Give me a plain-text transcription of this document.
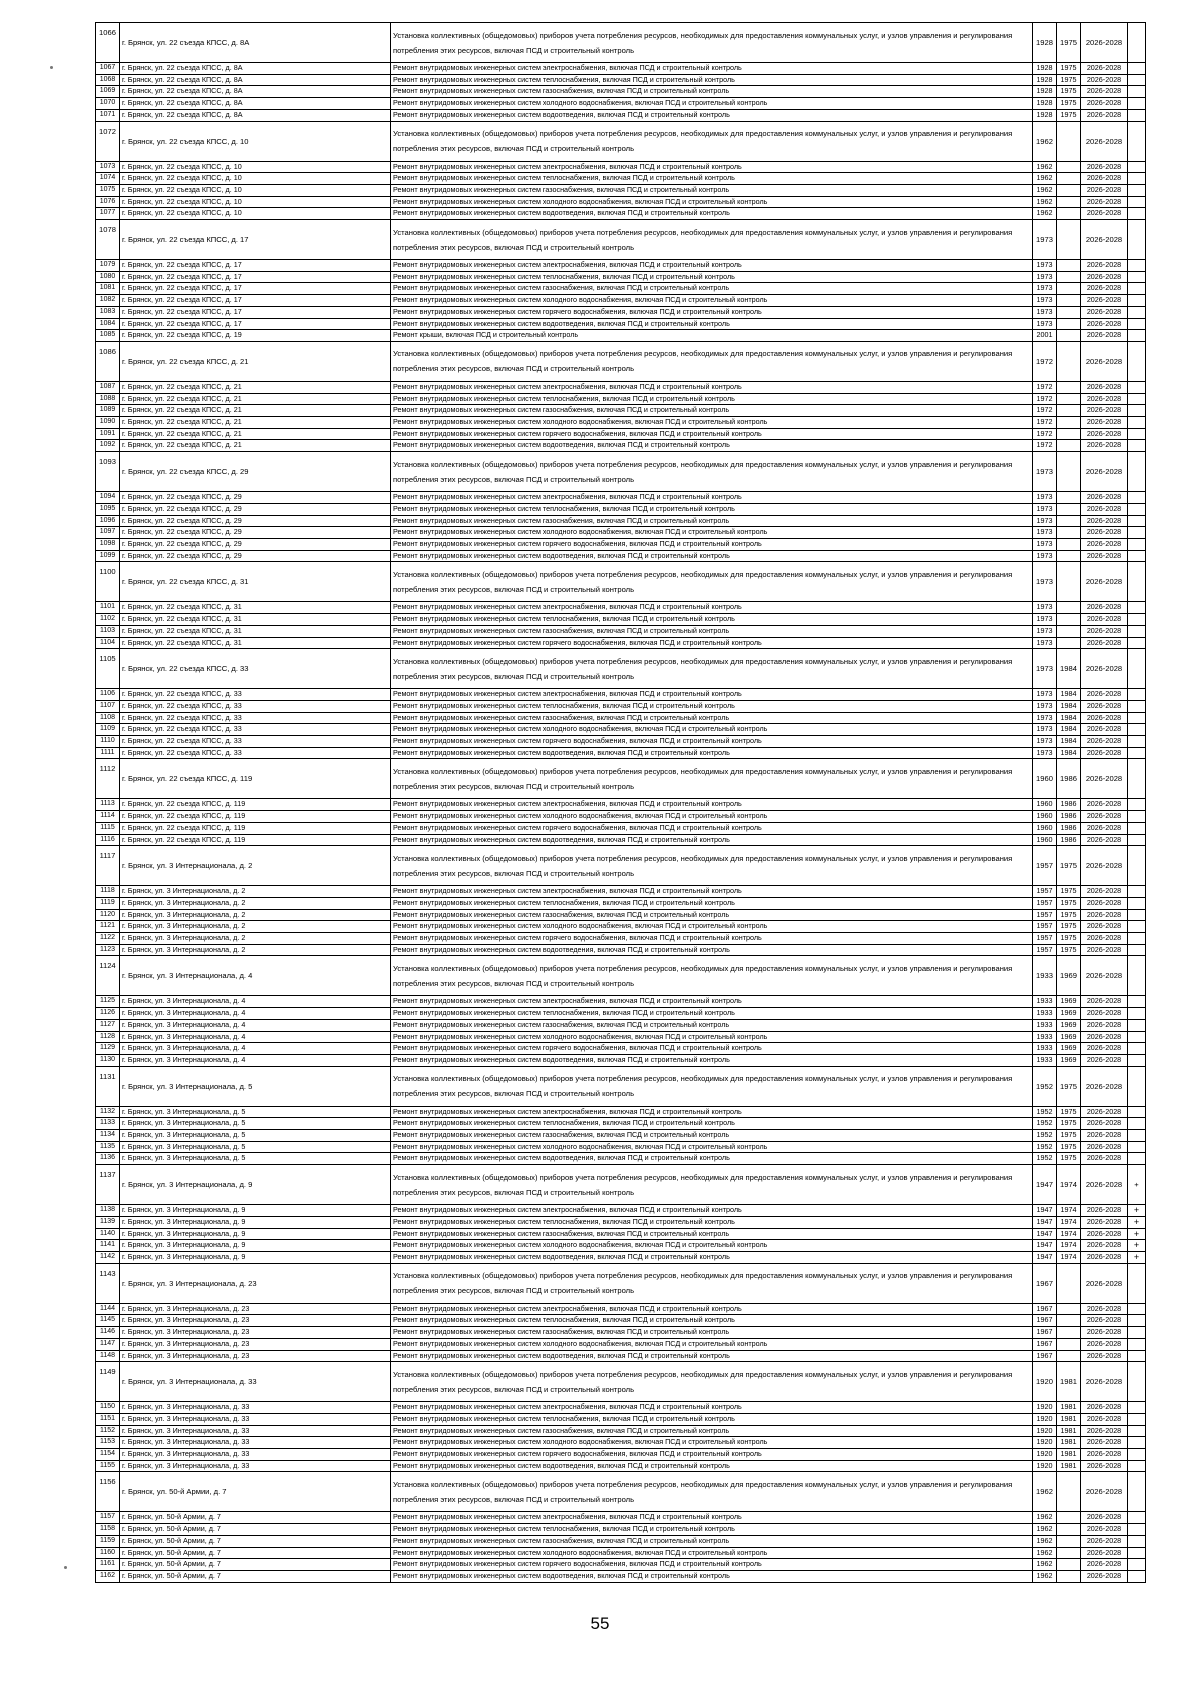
1066	г. Брянск, ул. 22 съезда КПСС, д. 8А	Установка коллективных (общедомовых) приборов учета потребления ресурсов, необходимых для предоставления коммунальных услуг, и узлов управления и регулирования потребления этих ресурсов, включая ПСД и строительный контроль	1928	1975	2026-2028	
1067	г. Брянск, ул. 22 съезда КПСС, д. 8А	Ремонт внутридомовых инженерных систем электроснабжения, включая ПСД и строительный контроль	1928	1975	2026-2028	
1068	г. Брянск, ул. 22 съезда КПСС, д. 8А	Ремонт внутридомовых инженерных систем теплоснабжения, включая ПСД и строительный контроль	1928	1975	2026-2028	
1069	г. Брянск, ул. 22 съезда КПСС, д. 8А	Ремонт внутридомовых инженерных систем газоснабжения, включая ПСД и строительный контроль	1928	1975	2026-2028	
1070	г. Брянск, ул. 22 съезда КПСС, д. 8А	Ремонт внутридомовых инженерных систем холодного водоснабжения, включая ПСД и строительный контроль	1928	1975	2026-2028	
1071	г. Брянск, ул. 22 съезда КПСС, д. 8А	Ремонт внутридомовых инженерных систем водоотведения, включая ПСД и строительный контроль	1928	1975	2026-2028	
1072	г. Брянск, ул. 22 съезда КПСС, д. 10	Установка коллективных (общедомовых) приборов учета потребления ресурсов, необходимых для предоставления коммунальных услуг, и узлов управления и регулирования потребления этих ресурсов, включая ПСД и строительный контроль	1962		2026-2028	
1073	г. Брянск, ул. 22 съезда КПСС, д. 10	Ремонт внутридомовых инженерных систем электроснабжения, включая ПСД и строительный контроль	1962		2026-2028	
1074	г. Брянск, ул. 22 съезда КПСС, д. 10	Ремонт внутридомовых инженерных систем теплоснабжения, включая ПСД и строительный контроль	1962		2026-2028	
1075	г. Брянск, ул. 22 съезда КПСС, д. 10	Ремонт внутридомовых инженерных систем газоснабжения, включая ПСД и строительный контроль	1962		2026-2028	
1076	г. Брянск, ул. 22 съезда КПСС, д. 10	Ремонт внутридомовых инженерных систем холодного водоснабжения, включая ПСД и строительный контроль	1962		2026-2028	
1077	г. Брянск, ул. 22 съезда КПСС, д. 10	Ремонт внутридомовых инженерных систем водоотведения, включая ПСД и строительный контроль	1962		2026-2028	
1078	г. Брянск, ул. 22 съезда КПСС, д. 17	Установка коллективных (общедомовых) приборов учета потребления ресурсов, необходимых для предоставления коммунальных услуг, и узлов управления и регулирования потребления этих ресурсов, включая ПСД и строительный контроль	1973		2026-2028	
1079	г. Брянск, ул. 22 съезда КПСС, д. 17	Ремонт внутридомовых инженерных систем электроснабжения, включая ПСД и строительный контроль	1973		2026-2028	
1080	г. Брянск, ул. 22 съезда КПСС, д. 17	Ремонт внутридомовых инженерных систем теплоснабжения, включая ПСД и строительный контроль	1973		2026-2028	
1081	г. Брянск, ул. 22 съезда КПСС, д. 17	Ремонт внутридомовых инженерных систем газоснабжения, включая ПСД и строительный контроль	1973		2026-2028	
1082	г. Брянск, ул. 22 съезда КПСС, д. 17	Ремонт внутридомовых инженерных систем холодного водоснабжения, включая ПСД и строительный контроль	1973		2026-2028	
1083	г. Брянск, ул. 22 съезда КПСС, д. 17	Ремонт внутридомовых инженерных систем горячего водоснабжения, включая ПСД и строительный контроль	1973		2026-2028	
1084	г. Брянск, ул. 22 съезда КПСС, д. 17	Ремонт внутридомовых инженерных систем водоотведения, включая ПСД и строительный контроль	1973		2026-2028	
1085	г. Брянск, ул. 22 съезда КПСС, д. 19	Ремонт крыши, включая ПСД и строительный контроль	2001		2026-2028	
1086	г. Брянск, ул. 22 съезда КПСС, д. 21	Установка коллективных (общедомовых) приборов учета потребления ресурсов, необходимых для предоставления коммунальных услуг, и узлов управления и регулирования потребления этих ресурсов, включая ПСД и строительный контроль	1972		2026-2028	
1087	г. Брянск, ул. 22 съезда КПСС, д. 21	Ремонт внутридомовых инженерных систем электроснабжения, включая ПСД и строительный контроль	1972		2026-2028	
1088	г. Брянск, ул. 22 съезда КПСС, д. 21	Ремонт внутридомовых инженерных систем теплоснабжения, включая ПСД и строительный контроль	1972		2026-2028	
1089	г. Брянск, ул. 22 съезда КПСС, д. 21	Ремонт внутридомовых инженерных систем газоснабжения, включая ПСД и строительный контроль	1972		2026-2028	
1090	г. Брянск, ул. 22 съезда КПСС, д. 21	Ремонт внутридомовых инженерных систем холодного водоснабжения, включая ПСД и строительный контроль	1972		2026-2028	
1091	г. Брянск, ул. 22 съезда КПСС, д. 21	Ремонт внутридомовых инженерных систем горячего водоснабжения, включая ПСД и строительный контроль	1972		2026-2028	
1092	г. Брянск, ул. 22 съезда КПСС, д. 21	Ремонт внутридомовых инженерных систем водоотведения, включая ПСД и строительный контроль	1972		2026-2028	
1093	г. Брянск, ул. 22 съезда КПСС, д. 29	Установка коллективных (общедомовых) приборов учета потребления ресурсов, необходимых для предоставления коммунальных услуг, и узлов управления и регулирования потребления этих ресурсов, включая ПСД и строительный контроль	1973		2026-2028	
1094	г. Брянск, ул. 22 съезда КПСС, д. 29	Ремонт внутридомовых инженерных систем электроснабжения, включая ПСД и строительный контроль	1973		2026-2028	
1095	г. Брянск, ул. 22 съезда КПСС, д. 29	Ремонт внутридомовых инженерных систем теплоснабжения, включая ПСД и строительный контроль	1973		2026-2028	
1096	г. Брянск, ул. 22 съезда КПСС, д. 29	Ремонт внутридомовых инженерных систем газоснабжения, включая ПСД и строительный контроль	1973		2026-2028	
1097	г. Брянск, ул. 22 съезда КПСС, д. 29	Ремонт внутридомовых инженерных систем холодного водоснабжения, включая ПСД и строительный контроль	1973		2026-2028	
1098	г. Брянск, ул. 22 съезда КПСС, д. 29	Ремонт внутридомовых инженерных систем горячего водоснабжения, включая ПСД и строительный контроль	1973		2026-2028	
1099	г. Брянск, ул. 22 съезда КПСС, д. 29	Ремонт внутридомовых инженерных систем водоотведения, включая ПСД и строительный контроль	1973		2026-2028	
1100	г. Брянск, ул. 22 съезда КПСС, д. 31	Установка коллективных (общедомовых) приборов учета потребления ресурсов, необходимых для предоставления коммунальных услуг, и узлов управления и регулирования потребления этих ресурсов, включая ПСД и строительный контроль	1973		2026-2028	
1101	г. Брянск, ул. 22 съезда КПСС, д. 31	Ремонт внутридомовых инженерных систем электроснабжения, включая ПСД и строительный контроль	1973		2026-2028	
1102	г. Брянск, ул. 22 съезда КПСС, д. 31	Ремонт внутридомовых инженерных систем теплоснабжения, включая ПСД и строительный контроль	1973		2026-2028	
1103	г. Брянск, ул. 22 съезда КПСС, д. 31	Ремонт внутридомовых инженерных систем газоснабжения, включая ПСД и строительный контроль	1973		2026-2028	
1104	г. Брянск, ул. 22 съезда КПСС, д. 31	Ремонт внутридомовых инженерных систем горячего водоснабжения, включая ПСД и строительный контроль	1973		2026-2028	
1105	г. Брянск, ул. 22 съезда КПСС, д. 33	Установка коллективных (общедомовых) приборов учета потребления ресурсов, необходимых для предоставления коммунальных услуг, и узлов управления и регулирования потребления этих ресурсов, включая ПСД и строительный контроль	1973	1984	2026-2028	
1106	г. Брянск, ул. 22 съезда КПСС, д. 33	Ремонт внутридомовых инженерных систем электроснабжения, включая ПСД и строительный контроль	1973	1984	2026-2028	
1107	г. Брянск, ул. 22 съезда КПСС, д. 33	Ремонт внутридомовых инженерных систем теплоснабжения, включая ПСД и строительный контроль	1973	1984	2026-2028	
1108	г. Брянск, ул. 22 съезда КПСС, д. 33	Ремонт внутридомовых инженерных систем газоснабжения, включая ПСД и строительный контроль	1973	1984	2026-2028	
1109	г. Брянск, ул. 22 съезда КПСС, д. 33	Ремонт внутридомовых инженерных систем холодного водоснабжения, включая ПСД и строительный контроль	1973	1984	2026-2028	
1110	г. Брянск, ул. 22 съезда КПСС, д. 33	Ремонт внутридомовых инженерных систем горячего водоснабжения, включая ПСД и строительный контроль	1973	1984	2026-2028	
1111	г. Брянск, ул. 22 съезда КПСС, д. 33	Ремонт внутридомовых инженерных систем водоотведения, включая ПСД и строительный контроль	1973	1984	2026-2028	
1112	г. Брянск, ул. 22 съезда КПСС, д. 119	Установка коллективных (общедомовых) приборов учета потребления ресурсов, необходимых для предоставления коммунальных услуг, и узлов управления и регулирования потребления этих ресурсов, включая ПСД и строительный контроль	1960	1986	2026-2028	
1113	г. Брянск, ул. 22 съезда КПСС, д. 119	Ремонт внутридомовых инженерных систем электроснабжения, включая ПСД и строительный контроль	1960	1986	2026-2028	
1114	г. Брянск, ул. 22 съезда КПСС, д. 119	Ремонт внутридомовых инженерных систем холодного водоснабжения, включая ПСД и строительный контроль	1960	1986	2026-2028	
1115	г. Брянск, ул. 22 съезда КПСС, д. 119	Ремонт внутридомовых инженерных систем горячего водоснабжения, включая ПСД и строительный контроль	1960	1986	2026-2028	
1116	г. Брянск, ул. 22 съезда КПСС, д. 119	Ремонт внутридомовых инженерных систем водоотведения, включая ПСД и строительный контроль	1960	1986	2026-2028	
1117	г. Брянск, ул. 3 Интернационала, д. 2	Установка коллективных (общедомовых) приборов учета потребления ресурсов, необходимых для предоставления коммунальных услуг, и узлов управления и регулирования потребления этих ресурсов, включая ПСД и строительный контроль	1957	1975	2026-2028	
1118	г. Брянск, ул. 3 Интернационала, д. 2	Ремонт внутридомовых инженерных систем электроснабжения, включая ПСД и строительный контроль	1957	1975	2026-2028	
1119	г. Брянск, ул. 3 Интернационала, д. 2	Ремонт внутридомовых инженерных систем теплоснабжения, включая ПСД и строительный контроль	1957	1975	2026-2028	
1120	г. Брянск, ул. 3 Интернационала, д. 2	Ремонт внутридомовых инженерных систем газоснабжения, включая ПСД и строительный контроль	1957	1975	2026-2028	
1121	г. Брянск, ул. 3 Интернационала, д. 2	Ремонт внутридомовых инженерных систем холодного водоснабжения, включая ПСД и строительный контроль	1957	1975	2026-2028	
1122	г. Брянск, ул. 3 Интернационала, д. 2	Ремонт внутридомовых инженерных систем горячего водоснабжения, включая ПСД и строительный контроль	1957	1975	2026-2028	
1123	г. Брянск, ул. 3 Интернационала, д. 2	Ремонт внутридомовых инженерных систем водоотведения, включая ПСД и строительный контроль	1957	1975	2026-2028	
1124	г. Брянск, ул. 3 Интернационала, д. 4	Установка коллективных (общедомовых) приборов учета потребления ресурсов, необходимых для предоставления коммунальных услуг, и узлов управления и регулирования потребления этих ресурсов, включая ПСД и строительный контроль	1933	1969	2026-2028	
1125	г. Брянск, ул. 3 Интернационала, д. 4	Ремонт внутридомовых инженерных систем электроснабжения, включая ПСД и строительный контроль	1933	1969	2026-2028	
1126	г. Брянск, ул. 3 Интернационала, д. 4	Ремонт внутридомовых инженерных систем теплоснабжения, включая ПСД и строительный контроль	1933	1969	2026-2028	
1127	г. Брянск, ул. 3 Интернационала, д. 4	Ремонт внутридомовых инженерных систем газоснабжения, включая ПСД и строительный контроль	1933	1969	2026-2028	
1128	г. Брянск, ул. 3 Интернационала, д. 4	Ремонт внутридомовых инженерных систем холодного водоснабжения, включая ПСД и строительный контроль	1933	1969	2026-2028	
1129	г. Брянск, ул. 3 Интернационала, д. 4	Ремонт внутридомовых инженерных систем горячего водоснабжения, включая ПСД и строительный контроль	1933	1969	2026-2028	
1130	г. Брянск, ул. 3 Интернационала, д. 4	Ремонт внутридомовых инженерных систем водоотведения, включая ПСД и строительный контроль	1933	1969	2026-2028	
1131	г. Брянск, ул. 3 Интернационала, д. 5	Установка коллективных (общедомовых) приборов учета потребления ресурсов, необходимых для предоставления коммунальных услуг, и узлов управления и регулирования потребления этих ресурсов, включая ПСД и строительный контроль	1952	1975	2026-2028	
1132	г. Брянск, ул. 3 Интернационала, д. 5	Ремонт внутридомовых инженерных систем электроснабжения, включая ПСД и строительный контроль	1952	1975	2026-2028	
1133	г. Брянск, ул. 3 Интернационала, д. 5	Ремонт внутридомовых инженерных систем теплоснабжения, включая ПСД и строительный контроль	1952	1975	2026-2028	
1134	г. Брянск, ул. 3 Интернационала, д. 5	Ремонт внутридомовых инженерных систем газоснабжения, включая ПСД и строительный контроль	1952	1975	2026-2028	
1135	г. Брянск, ул. 3 Интернационала, д. 5	Ремонт внутридомовых инженерных систем холодного водоснабжения, включая ПСД и строительный контроль	1952	1975	2026-2028	
1136	г. Брянск, ул. 3 Интернационала, д. 5	Ремонт внутридомовых инженерных систем водоотведения, включая ПСД и строительный контроль	1952	1975	2026-2028	
1137	г. Брянск, ул. 3 Интернационала, д. 9	Установка коллективных (общедомовых) приборов учета потребления ресурсов, необходимых для предоставления коммунальных услуг, и узлов управления и регулирования потребления этих ресурсов, включая ПСД и строительный контроль	1947	1974	2026-2028	+
1138	г. Брянск, ул. 3 Интернационала, д. 9	Ремонт внутридомовых инженерных систем электроснабжения, включая ПСД и строительный контроль	1947	1974	2026-2028	+
1139	г. Брянск, ул. 3 Интернационала, д. 9	Ремонт внутридомовых инженерных систем теплоснабжения, включая ПСД и строительный контроль	1947	1974	2026-2028	+
1140	г. Брянск, ул. 3 Интернационала, д. 9	Ремонт внутридомовых инженерных систем газоснабжения, включая ПСД и строительный контроль	1947	1974	2026-2028	+
1141	г. Брянск, ул. 3 Интернационала, д. 9	Ремонт внутридомовых инженерных систем холодного водоснабжения, включая ПСД и строительный контроль	1947	1974	2026-2028	+
1142	г. Брянск, ул. 3 Интернационала, д. 9	Ремонт внутридомовых инженерных систем водоотведения, включая ПСД и строительный контроль	1947	1974	2026-2028	+
1143	г. Брянск, ул. 3 Интернационала, д. 23	Установка коллективных (общедомовых) приборов учета потребления ресурсов, необходимых для предоставления коммунальных услуг, и узлов управления и регулирования потребления этих ресурсов, включая ПСД и строительный контроль	1967		2026-2028	
1144	г. Брянск, ул. 3 Интернационала, д. 23	Ремонт внутридомовых инженерных систем электроснабжения, включая ПСД и строительный контроль	1967		2026-2028	
1145	г. Брянск, ул. 3 Интернационала, д. 23	Ремонт внутридомовых инженерных систем теплоснабжения, включая ПСД и строительный контроль	1967		2026-2028	
1146	г. Брянск, ул. 3 Интернационала, д. 23	Ремонт внутридомовых инженерных систем газоснабжения, включая ПСД и строительный контроль	1967		2026-2028	
1147	г. Брянск, ул. 3 Интернационала, д. 23	Ремонт внутридомовых инженерных систем холодного водоснабжения, включая ПСД и строительный контроль	1967		2026-2028	
1148	г. Брянск, ул. 3 Интернационала, д. 23	Ремонт внутридомовых инженерных систем водоотведения, включая ПСД и строительный контроль	1967		2026-2028	
1149	г. Брянск, ул. 3 Интернационала, д. 33	Установка коллективных (общедомовых) приборов учета потребления ресурсов, необходимых для предоставления коммунальных услуг, и узлов управления и регулирования потребления этих ресурсов, включая ПСД и строительный контроль	1920	1981	2026-2028	
1150	г. Брянск, ул. 3 Интернационала, д. 33	Ремонт внутридомовых инженерных систем электроснабжения, включая ПСД и строительный контроль	1920	1981	2026-2028	
1151	г. Брянск, ул. 3 Интернационала, д. 33	Ремонт внутридомовых инженерных систем теплоснабжения, включая ПСД и строительный контроль	1920	1981	2026-2028	
1152	г. Брянск, ул. 3 Интернационала, д. 33	Ремонт внутридомовых инженерных систем газоснабжения, включая ПСД и строительный контроль	1920	1981	2026-2028	
1153	г. Брянск, ул. 3 Интернационала, д. 33	Ремонт внутридомовых инженерных систем холодного водоснабжения, включая ПСД и строительный контроль	1920	1981	2026-2028	
1154	г. Брянск, ул. 3 Интернационала, д. 33	Ремонт внутридомовых инженерных систем горячего водоснабжения, включая ПСД и строительный контроль	1920	1981	2026-2028	
1155	г. Брянск, ул. 3 Интернационала, д. 33	Ремонт внутридомовых инженерных систем водоотведения, включая ПСД и строительный контроль	1920	1981	2026-2028	
1156	г. Брянск, ул. 50-й Армии, д. 7	Установка коллективных (общедомовых) приборов учета потребления ресурсов, необходимых для предоставления коммунальных услуг, и узлов управления и регулирования потребления этих ресурсов, включая ПСД и строительный контроль	1962		2026-2028	
1157	г. Брянск, ул. 50-й Армии, д. 7	Ремонт внутридомовых инженерных систем электроснабжения, включая ПСД и строительный контроль	1962		2026-2028	
1158	г. Брянск, ул. 50-й Армии, д. 7	Ремонт внутридомовых инженерных систем теплоснабжения, включая ПСД и строительный контроль	1962		2026-2028	
1159	г. Брянск, ул. 50-й Армии, д. 7	Ремонт внутридомовых инженерных систем газоснабжения, включая ПСД и строительный контроль	1962		2026-2028	
1160	г. Брянск, ул. 50-й Армии, д. 7	Ремонт внутридомовых инженерных систем холодного водоснабжения, включая ПСД и строительный контроль	1962		2026-2028	
1161	г. Брянск, ул. 50-й Армии, д. 7	Ремонт внутридомовых инженерных систем горячего водоснабжения, включая ПСД и строительный контроль	1962		2026-2028	
1162	г. Брянск, ул. 50-й Армии, д. 7	Ремонт внутридомовых инженерных систем водоотведения, включая ПСД и строительный контроль	1962		2026-2028	
55
